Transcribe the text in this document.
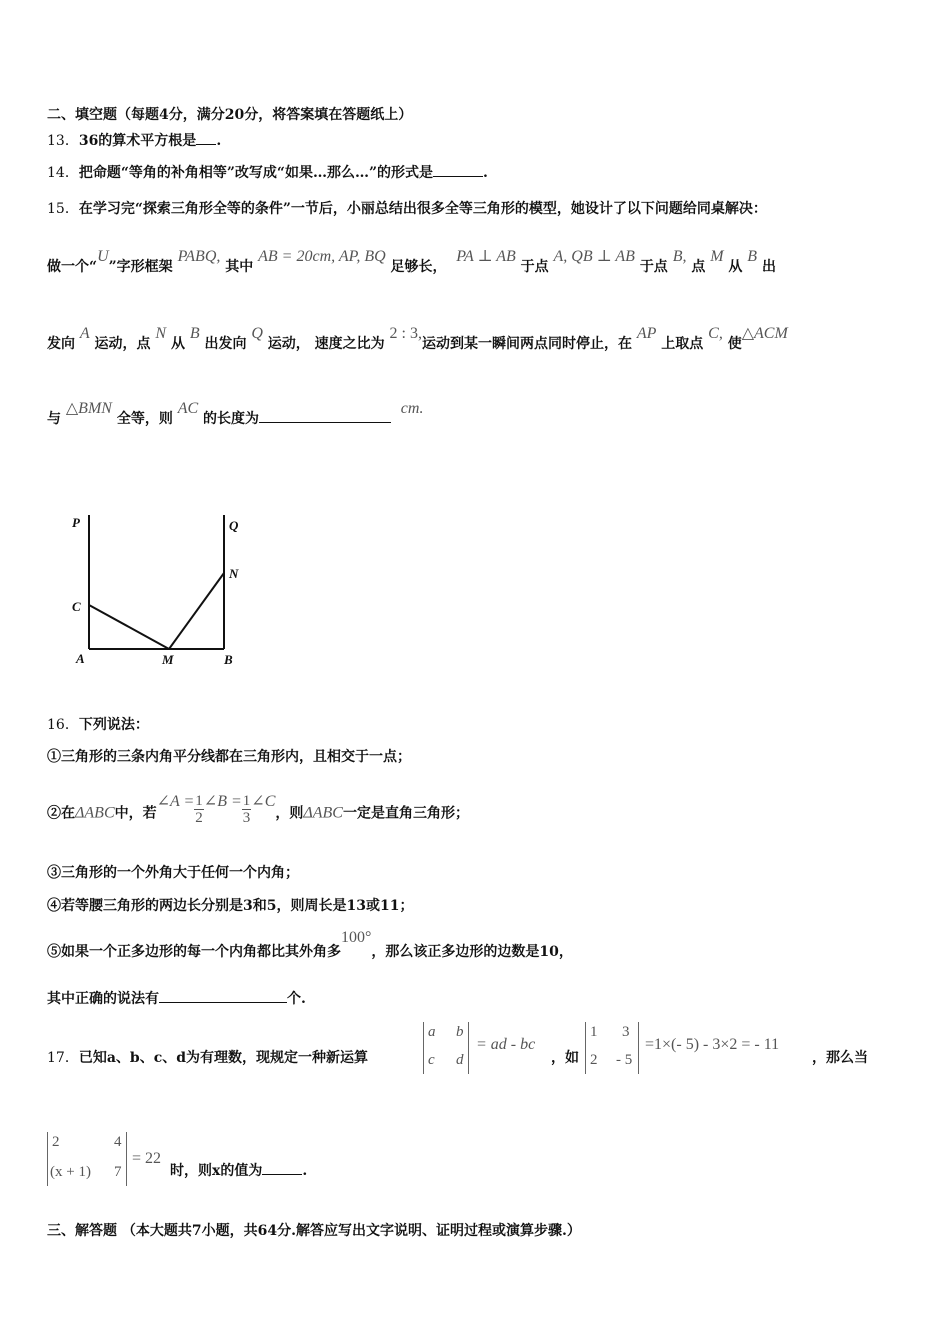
二、填空题（每题4分，满分20分，将答案填在答题纸上）
13．36的算术平方根是 .
14．把命题“等角的补角相等”改写成“如果…那么…”的形式是	.
15．在学习完“探索三角形全等的条件”一节后，小丽总结出很多全等三角形的模型，她设计了以下问题给同桌解决：
做一个“U”字形框架 PABQ, 其中 AB = 20cm, AP, BQ 足够长，  PA ⊥ AB 于点 A, QB ⊥ AB 于点 B, 点 M 从 B 出
发向 A 运动，点 N 从 B 出发向 Q 运动， 速度之比为 2 : 3,运动到某一瞬间两点同时停止，在 AP 上取点 C, 使△ACM
与 △BMN 全等，则 AC 的长度为  cm.
P	Q
N
C
A	M	B
16．下列说法：
①三角形的三条内角平分线都在三角形内，且相交于一点；
②在ΔABC中，若∠A = $\frac{1}{2}$ ∠B = $\frac{1}{3}$ ∠C，则ΔABC一定是直角三角形；
③三角形的一个外角大于任何一个内角；
④若等腰三角形的两边长分别是3和5，则周长是13或11；
⑤如果一个正多边形的每一个内角都比其外角多100°，那么该正多边形的边数是10，
其中正确的说法有	个.
17．已知a、b、c、d为有理数，现规定一种新运算
a b
c d
= ad - bc
，如
1 3
2 - 5
=1×(- 5) - 3×2 = - 11
，那么当
2	4
(x + 1) 7
= 22
时，则x的值为	.
三、解答题 （本大题共7小题，共64分.解答应写出文字说明、证明过程或演算步骤.）
